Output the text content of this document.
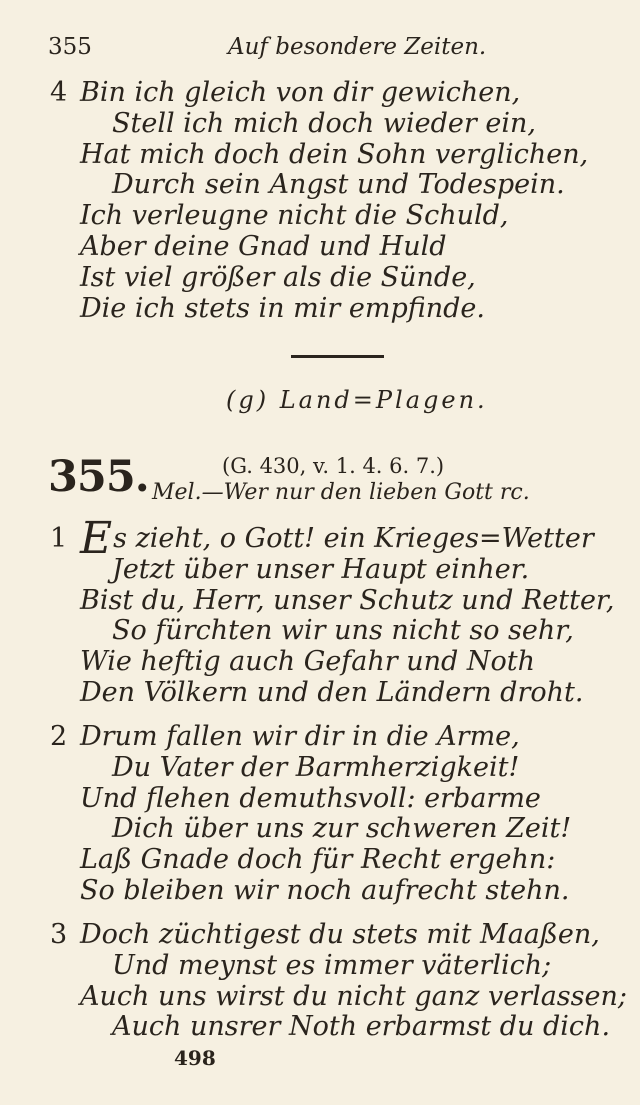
355	Auf besondere Zeiten.
4 Bin ich gleich von dir gewichen,
Stell ich mich doch wieder ein,
Hat mich doch dein Sohn verglichen,
Durch sein Angst und Todespein.
Ich verleugne nicht die Schuld,
Aber deine Gnad und Huld
Ist viel größer als die Sünde,
Die ich stets in mir empfinde.
(g) Land=Plagen.
355.	(G. 430, v. 1. 4. 6. 7.)
Mel.—Wer nur den lieben Gott rc.
1 Es zieht, o Gott! ein Krieges=Wetter
Jetzt über unser Haupt einher.
Bist du, Herr, unser Schutz und Retter,
So fürchten wir uns nicht so sehr,
Wie heftig auch Gefahr und Noth
Den Völkern und den Ländern droht.
2 Drum fallen wir dir in die Arme,
Du Vater der Barmherzigkeit!
Und flehen demuthsvoll: erbarme
Dich über uns zur schweren Zeit!
Laß Gnade doch für Recht ergehn:
So bleiben wir noch aufrecht stehn.
3 Doch züchtigest du stets mit Maaßen,
Und meynst es immer väterlich;
Auch uns wirst du nicht ganz verlassen;
Auch unsrer Noth erbarmst du dich.
498
